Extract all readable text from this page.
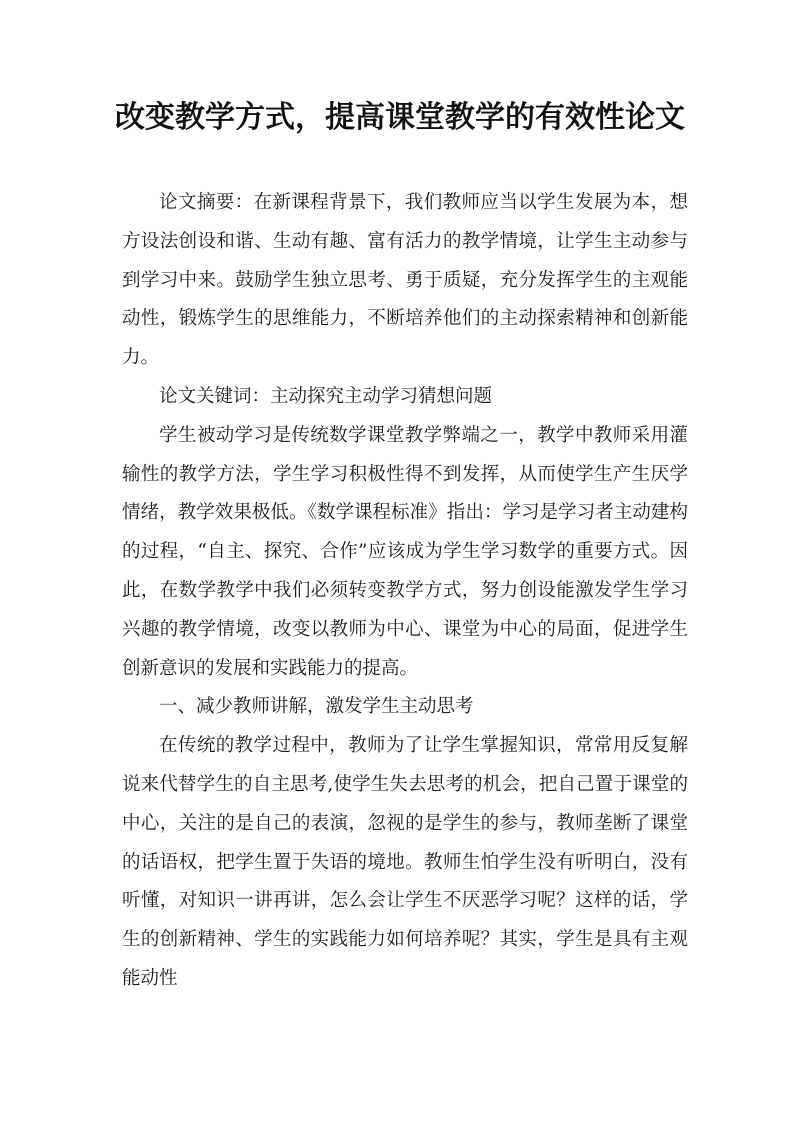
改变教学方式，提高课堂教学的有效性论文

论文摘要：在新课程背景下，我们教师应当以学生发展为本，想方设法创设和谐、生动有趣、富有活力的教学情境，让学生主动参与到学习中来。鼓励学生独立思考、勇于质疑，充分发挥学生的主观能动性，锻炼学生的思维能力，不断培养他们的主动探索精神和创新能力。

论文关键词：主动探究主动学习猜想问题

学生被动学习是传统数学课堂教学弊端之一，教学中教师采用灌输性的教学方法，学生学习积极性得不到发挥，从而使学生产生厌学情绪，教学效果极低。《数学课程标准》指出：学习是学习者主动建构的过程，“自主、探究、合作”应该成为学生学习数学的重要方式。因此，在数学教学中我们必须转变教学方式，努力创设能激发学生学习兴趣的教学情境，改变以教师为中心、课堂为中心的局面，促进学生创新意识的发展和实践能力的提高。

一、减少教师讲解，激发学生主动思考

在传统的教学过程中，教师为了让学生掌握知识，常常用反复解说来代替学生的自主思考,使学生失去思考的机会，把自己置于课堂的中心，关注的是自己的表演，忽视的是学生的参与，教师垄断了课堂的话语权，把学生置于失语的境地。教师生怕学生没有听明白，没有听懂，对知识一讲再讲，怎么会让学生不厌恶学习呢？这样的话，学生的创新精神、学生的实践能力如何培养呢？其实，学生是具有主观能动性
